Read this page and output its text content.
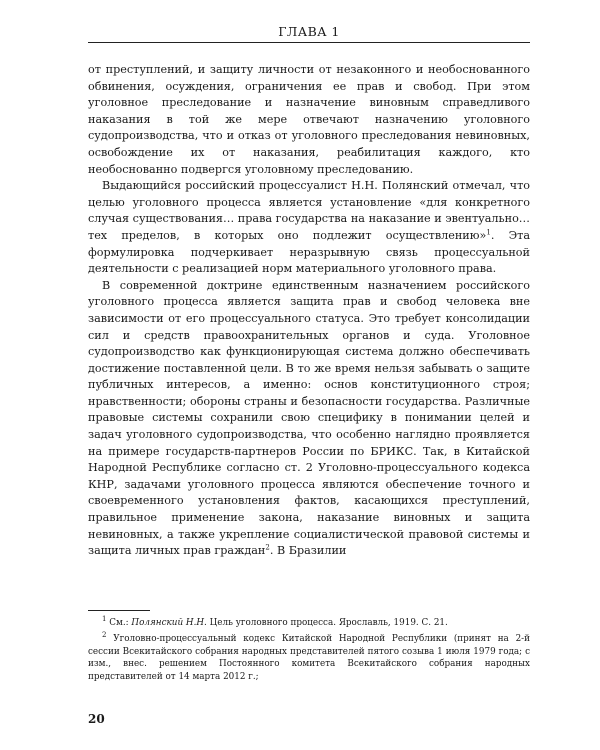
ГЛАВА 1

от преступлений, и защиту личности от незаконного и необоснованного обвинения, осуждения, ограничения ее прав и свобод. При этом уголовное преследование и назначение виновным справедливого наказания в той же мере отвечают назначению уголовного судопроизводства, что и отказ от уголовного преследования невиновных, освобождение их от наказания, реабилитация каждого, кто необоснованно подвергся уголовному преследованию.

Выдающийся российский процессуалист Н.Н. Полянский отмечал, что целью уголовного процесса является установление «для конкретного случая существования… права государства на наказание и эвентуально… тех пределов, в которых оно подлежит осуществлению»$^1$. Эта формулировка подчеркивает неразрывную связь процессуальной деятельности с реализацией норм материального уголовного права.

В современной доктрине единственным назначением российского уголовного процесса является защита прав и свобод человека вне зависимости от его процессуального статуса. Это требует консолидации сил и средств правоохранительных органов и суда. Уголовное судопроизводство как функционирующая система должно обеспечивать достижение поставленной цели. В то же время нельзя забывать о защите публичных интересов, а именно: основ конституционного строя; нравственности; обороны страны и безопасности государства. Различные правовые системы сохранили свою специфику в понимании целей и задач уголовного судопроизводства, что особенно наглядно проявляется на примере государств-партнеров России по БРИКС. Так, в Китайской Народной Республике согласно ст. 2 Уголовно-процессуального кодекса КНР, задачами уголовного процесса являются обеспечение точного и своевременного установления фактов, касающихся преступлений, правильное применение закона, наказание виновных и защита невиновных, а также укрепление социалистической правовой системы и защита личных прав граждан$^2$. В Бразилии

$^1$ См.: Полянский Н.Н. Цель уголовного процесса. Ярославль, 1919. С. 21.

$^2$ Уголовно-процессуальный кодекс Китайской Народной Республики (принят на 2-й сессии Всекитайского собрания народных представителей пятого созыва 1 июля 1979 года; с изм., внес. решением Постоянного комитета Всекитайского собрания народных представителей от 14 марта 2012 г.;

20
